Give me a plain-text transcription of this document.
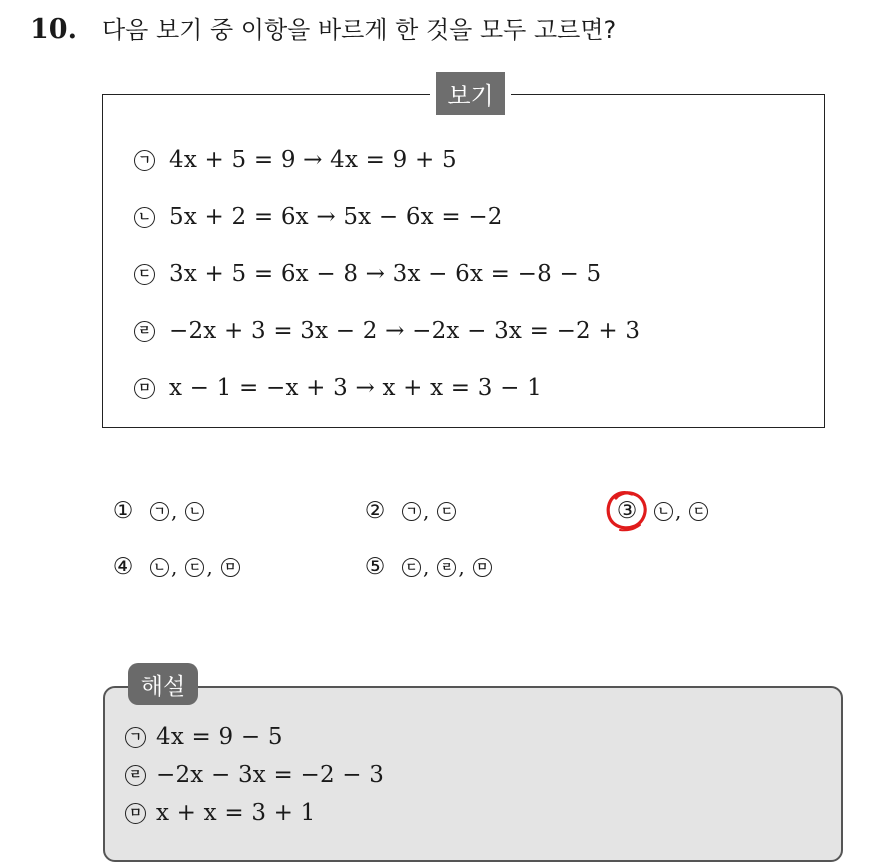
10.	다음 보기 중 이항을 바르게 한 것을 모두 고르면?
보기
ㄱ 4x + 5 = 9 → 4x = 9 + 5
ㄴ 5x + 2 = 6x → 5x − 6x = −2
ㄷ 3x + 5 = 6x − 8 → 3x − 6x = −8 − 5
ㄹ −2x + 3 = 3x − 2 → −2x − 3x = −2 + 3
ㅁ x − 1 = −x + 3 → x + x = 3 − 1
①	ㄱ , ㄴ	②	ㄱ , ㄷ	③	ㄴ , ㄷ
④	ㄴ , ㄷ , ㅁ	⑤	ㄷ , ㄹ , ㅁ
해설
ㄱ 4x = 9 − 5
ㄹ −2x − 3x = −2 − 3
ㅁ x + x = 3 + 1
